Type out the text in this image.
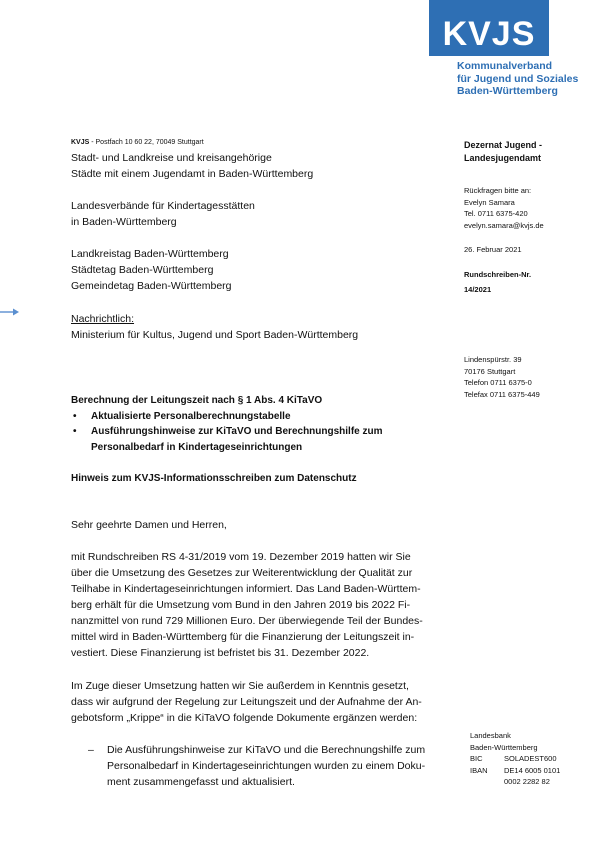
KVJS
Kommunalverband
für Jugend und Soziales
Baden-Württemberg
KVJS - Postfach 10 60 22, 70049 Stuttgart
Stadt- und Landkreise und kreisangehörige
Städte mit einem Jugendamt in Baden-Württemberg
Landesverbände für Kindertagesstätten
in Baden-Württemberg
Landkreistag Baden-Württemberg
Städtetag Baden-Württemberg
Gemeindetag Baden-Württemberg
Nachrichtlich:
Ministerium für Kultus, Jugend und Sport Baden-Württemberg
Dezernat Jugend -
Landesjugendamt
Rückfragen bitte an:
Evelyn Samara
Tel. 0711 6375-420
evelyn.samara@kvjs.de
26. Februar 2021
Rundschreiben-Nr.
14/2021
Lindenspürstr. 39
70176 Stuttgart
Telefon 0711 6375-0
Telefax 0711 6375-449
Berechnung der Leitungszeit nach § 1 Abs. 4 KiTaVO
• Aktualisierte Personalberechnungstabelle
• Ausführungshinweise zur KiTaVO und Berechnungshilfe zum
Personalbedarf in Kindertageseinrichtungen
Hinweis zum KVJS-Informationsschreiben zum Datenschutz
Sehr geehrte Damen und Herren,
mit Rundschreiben RS 4-31/2019 vom 19. Dezember 2019 hatten wir Sie
über die Umsetzung des Gesetzes zur Weiterentwicklung der Qualität zur
Teilhabe in Kindertageseinrichtungen informiert. Das Land Baden-Württem-
berg erhält für die Umsetzung vom Bund in den Jahren 2019 bis 2022 Fi-
nanzmittel von rund 729 Millionen Euro. Der überwiegende Teil der Bundes-
mittel wird in Baden-Württemberg für die Finanzierung der Leitungszeit in-
vestiert. Diese Finanzierung ist befristet bis 31. Dezember 2022.
Im Zuge dieser Umsetzung hatten wir Sie außerdem in Kenntnis gesetzt,
dass wir aufgrund der Regelung zur Leitungszeit und der Aufnahme der An-
gebotsform „Krippe“ in die KiTaVO folgende Dokumente ergänzen werden:
– Die Ausführungshinweise zur KiTaVO und die Berechnungshilfe zum
Personalbedarf in Kindertageseinrichtungen wurden zu einem Doku-
ment zusammengefasst und aktualisiert.
Landesbank
Baden-Württemberg
BIC	SOLADEST600
IBAN DE14 6005 0101
0002 2282 82
